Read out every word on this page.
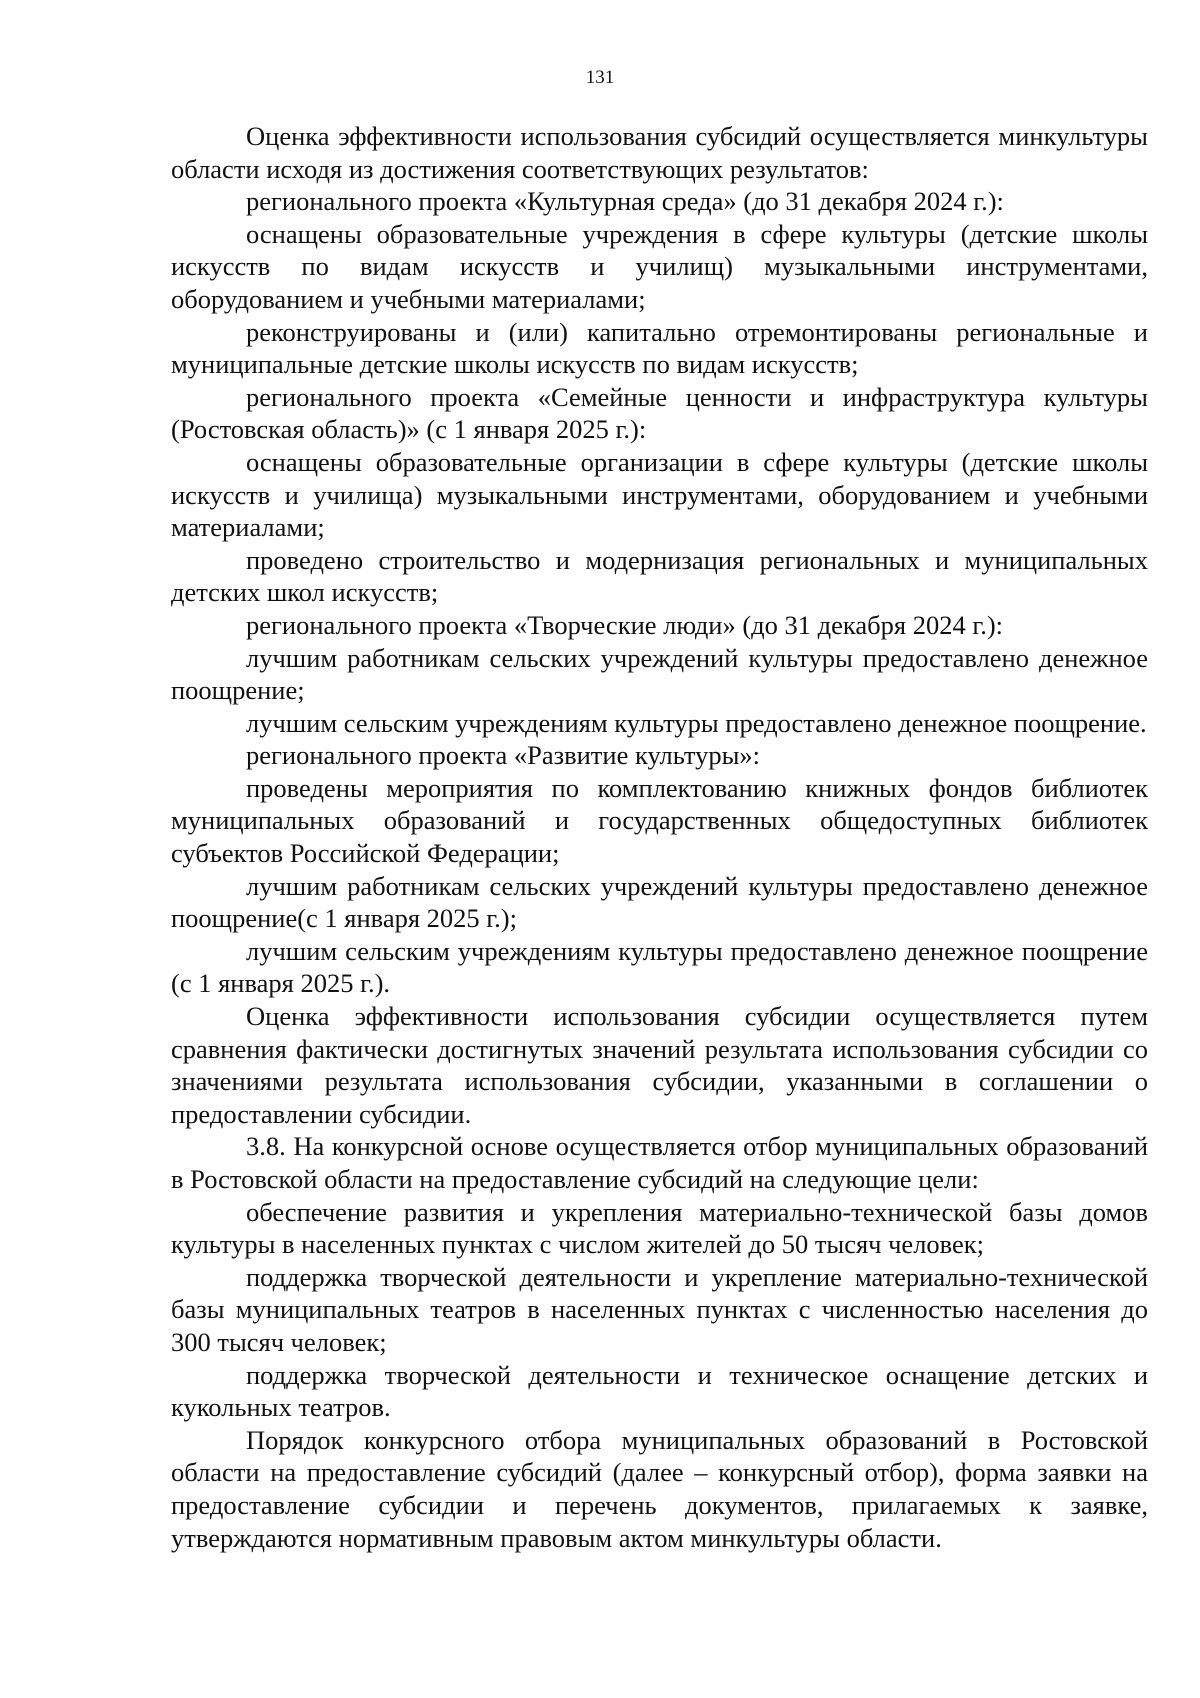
131

Оценка эффективности использования субсидий осуществляется минкультуры области исходя из достижения соответствующих результатов:

регионального проекта «Культурная среда» (до 31 декабря 2024 г.):

оснащены образовательные учреждения в сфере культуры (детские школы искусств по видам искусств и училищ) музыкальными инструментами, оборудованием и учебными материалами;

реконструированы и (или) капитально отремонтированы региональные и муниципальные детские школы искусств по видам искусств;

регионального проекта «Семейные ценности и инфраструктура культуры (Ростовская область)» (с 1 января 2025 г.):

оснащены образовательные организации в сфере культуры (детские школы искусств и училища) музыкальными инструментами, оборудованием и учебными материалами;

проведено строительство и модернизация региональных и муниципальных детских школ искусств;

регионального проекта «Творческие люди» (до 31 декабря 2024 г.):

лучшим работникам сельских учреждений культуры предоставлено денежное поощрение;

лучшим сельским учреждениям культуры предоставлено денежное поощрение.

регионального проекта «Развитие культуры»:

проведены мероприятия по комплектованию книжных фондов библиотек муниципальных образований и государственных общедоступных библиотек субъектов Российской Федерации;

лучшим работникам сельских учреждений культуры предоставлено денежное поощрение(с 1 января 2025 г.);

лучшим сельским учреждениям культуры предоставлено денежное поощрение (с 1 января 2025 г.).

Оценка эффективности использования субсидии осуществляется путем сравнения фактически достигнутых значений результата использования субсидии со значениями результата использования субсидии, указанными в соглашении о предоставлении субсидии.

3.8. На конкурсной основе осуществляется отбор муниципальных образований в Ростовской области на предоставление субсидий на следующие цели:

обеспечение развития и укрепления материально-технической базы домов культуры в населенных пунктах с числом жителей до 50 тысяч человек;

поддержка творческой деятельности и укрепление материально-технической базы муниципальных театров в населенных пунктах с численностью населения до 300 тысяч человек;

поддержка творческой деятельности и техническое оснащение детских и кукольных театров.

Порядок конкурсного отбора муниципальных образований в Ростовской области на предоставление субсидий (далее – конкурсный отбор), форма заявки на предоставление субсидии и перечень документов, прилагаемых к заявке, утверждаются нормативным правовым актом минкультуры области.
